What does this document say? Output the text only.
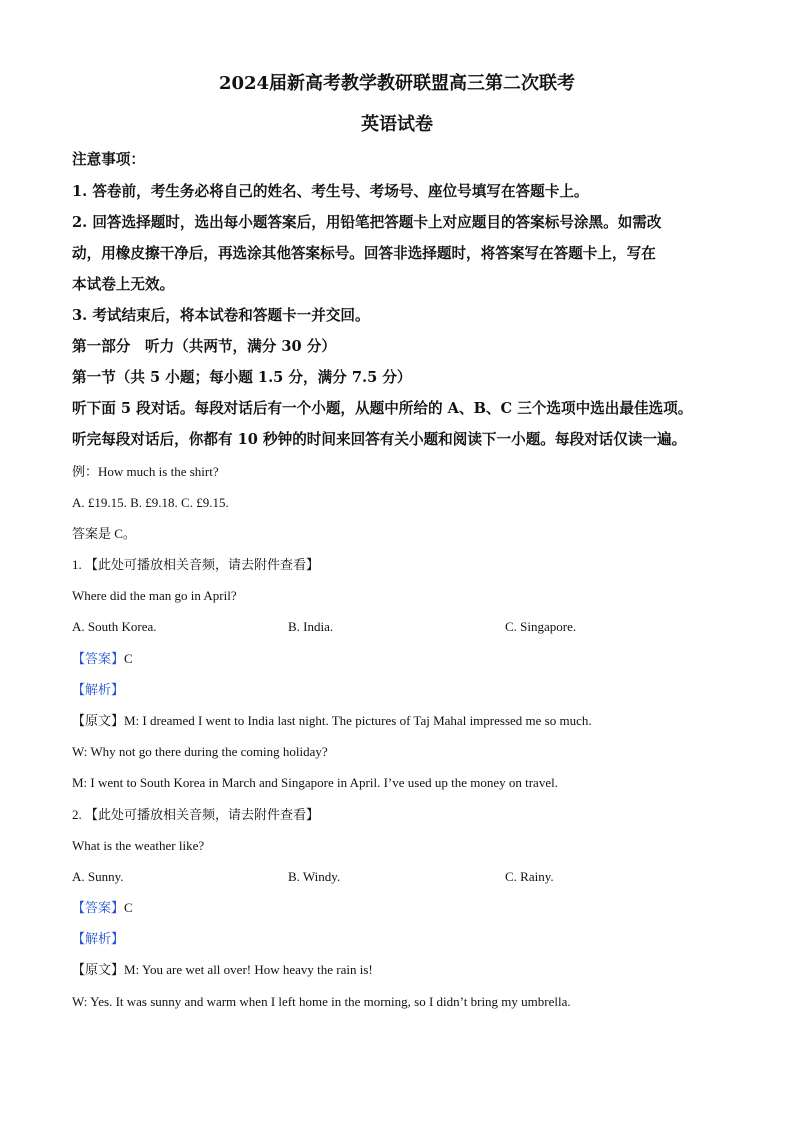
2024届新高考教学教研联盟高三第二次联考
英语试卷
注意事项：
1. 答卷前，考生务必将自己的姓名、考生号、考场号、座位号填写在答题卡上。
2. 回答选择题时，选出每小题答案后，用铅笔把答题卡上对应题目的答案标号涂黑。如需改
动，用橡皮擦干净后，再选涂其他答案标号。回答非选择题时，将答案写在答题卡上，写在
本试卷上无效。
3. 考试结束后，将本试卷和答题卡一并交回。
第一部分　听力（共两节，满分 30 分）
第一节（共 5 小题；每小题 1.5 分，满分 7.5 分）
听下面 5 段对话。每段对话后有一个小题，从题中所给的 A、B、C 三个选项中选出最佳选项。
听完每段对话后，你都有 10 秒钟的时间来回答有关小题和阅读下一小题。每段对话仅读一遍。
例：How much is the shirt?
A. £19.15. B. £9.18. C. £9.15.
答案是 C。
1. 【此处可播放相关音频，请去附件查看】
Where did the man go in April?
A. South Korea.	B. India.	C. Singapore.
【答案】C
【解析】
【原文】M: I dreamed I went to India last night. The pictures of Taj Mahal impressed me so much.
W: Why not go there during the coming holiday?
M: I went to South Korea in March and Singapore in April. I’ve used up the money on travel.
2. 【此处可播放相关音频，请去附件查看】
What is the weather like?
A. Sunny.	B. Windy.	C. Rainy.
【答案】C
【解析】
【原文】M: You are wet all over! How heavy the rain is!
W: Yes. It was sunny and warm when I left home in the morning, so I didn’t bring my umbrella.
